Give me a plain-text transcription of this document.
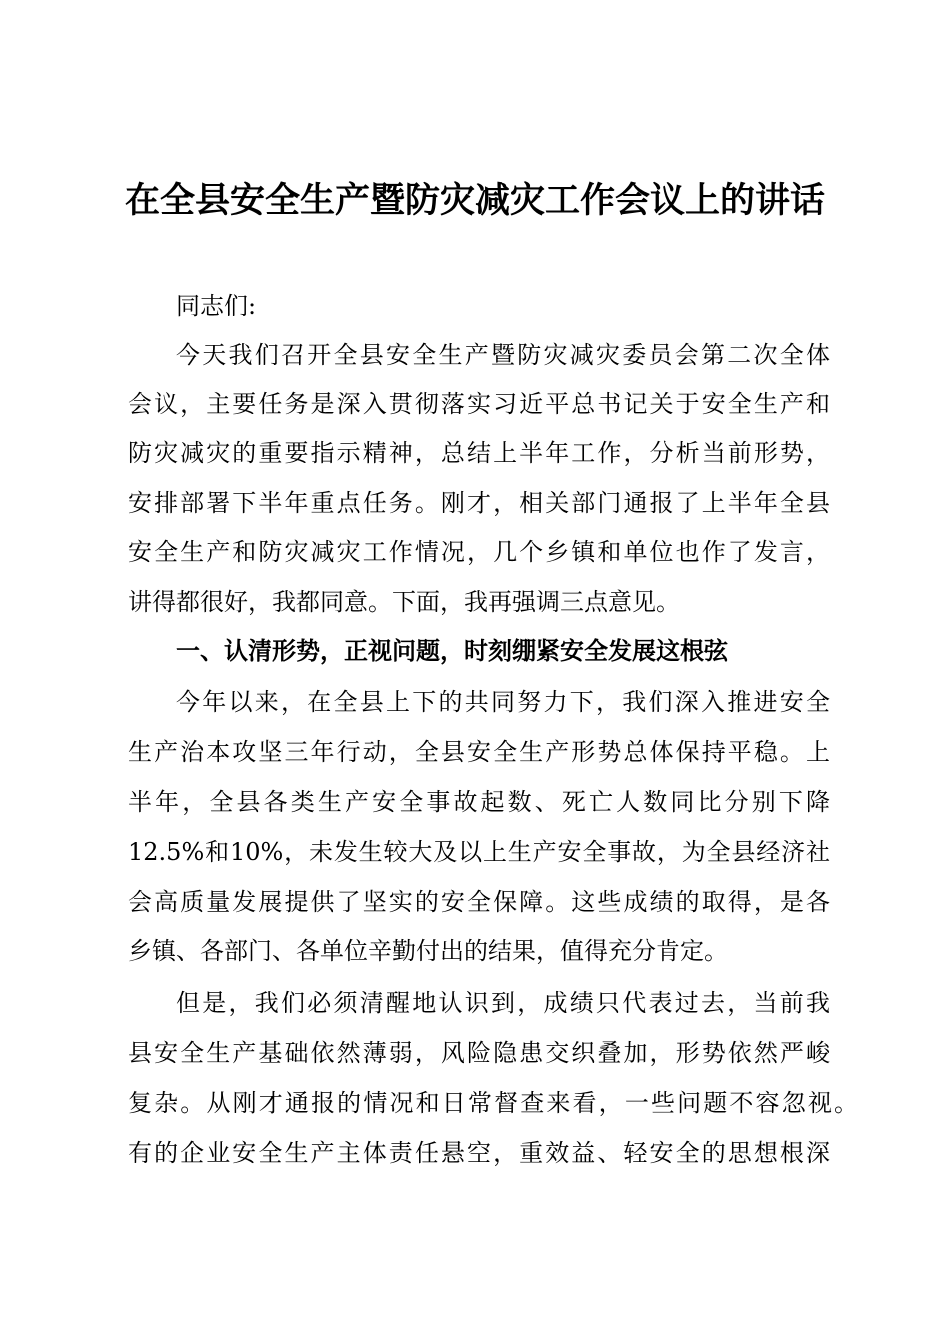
在全县安全生产暨防灾减灾工作会议上的讲话
同志们:
今天我们召开全县安全生产暨防灾减灾委员会第二次全体
会议，主要任务是深入贯彻落实习近平总书记关于安全生产和
防灾减灾的重要指示精神，总结上半年工作，分析当前形势，
安排部署下半年重点任务。刚才，相关部门通报了上半年全县
安全生产和防灾减灾工作情况，几个乡镇和单位也作了发言，
讲得都很好，我都同意。下面，我再强调三点意见。
一、认清形势，正视问题，时刻绷紧安全发展这根弦
今年以来，在全县上下的共同努力下，我们深入推进安全
生产治本攻坚三年行动，全县安全生产形势总体保持平稳。上
半年，全县各类生产安全事故起数、死亡人数同比分别下降
12.5%和10%，未发生较大及以上生产安全事故，为全县经济社
会高质量发展提供了坚实的安全保障。这些成绩的取得，是各
乡镇、各部门、各单位辛勤付出的结果，值得充分肯定。
但是，我们必须清醒地认识到，成绩只代表过去，当前我
县安全生产基础依然薄弱，风险隐患交织叠加，形势依然严峻
复杂。从刚才通报的情况和日常督查来看，一些问题不容忽视。
有的企业安全生产主体责任悬空，重效益、轻安全的思想根深
